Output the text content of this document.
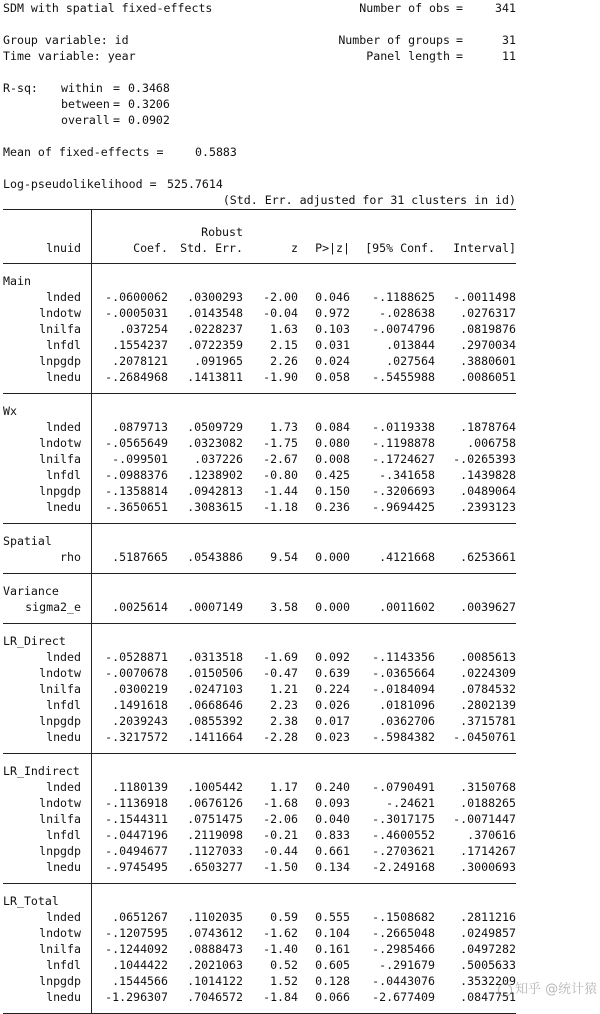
SDM with spatial fixed-effects	Number of obs =	341
Group variable: id	Number of groups =	31
Time variable: year	Panel length =	11
R-sq: within = 0.3468
between = 0.3206
overall = 0.0902
Mean of fixed-effects =	0.5883
Log-pseudolikelihood = 525.7614
(Std. Err. adjusted for 31 clusters in id)
Robust
lnuid	Coef. Std. Err.	z P>|z| [95% Conf. Interval]
Main
lnded -.0600062 .0300293 -2.00 0.046 -.1188625 -.0011498
lndotw -.0005031 .0143548 -0.04 0.972	-.028638 .0276317
lnilfa	.037254 .0228237 1.63 0.103 -.0074796 .0819876
lnfdl	.1554237 .0722359 2.15 0.031	.013844 .2970034
lnpgdp	.2078121 .091965 2.26 0.024	.027564 .3880601
lnedu -.2684968 .1413811 -1.90 0.058 -.5455988 .0086051
Wx
lnded	.0879713 .0509729 1.73 0.084 -.0119338 .1878764
lndotw -.0565649 .0323082 -1.75 0.080 -.1198878	.006758
lnilfa	-.099501 .037226 -2.67 0.008 -.1724627 -.0265393
lnfdl -.0988376 .1238902 -0.80 0.425	-.341658 .1439828
lnpgdp -.1358814 .0942813 -1.44 0.150 -.3206693 .0489064
lnedu -.3650651 .3083615 -1.18 0.236 -.9694425 .2393123
Spatial
rho	.5187665 .0543886 9.54 0.000	.4121668 .6253661
Variance
sigma2_e	.0025614 .0007149 3.58 0.000	.0011602 .0039627
LR_Direct
lnded -.0528871 .0313518 -1.69 0.092 -.1143356 .0085613
lndotw -.0070678 .0150506 -0.47 0.639 -.0365664 .0224309
lnilfa	.0300219 .0247103 1.21 0.224 -.0184094 .0784532
lnfdl	.1491618 .0668646 2.23 0.026	.0181096 .2802139
lnpgdp	.2039243 .0855392 2.38 0.017	.0362706 .3715781
lnedu -.3217572 .1411664 -2.28 0.023 -.5984382 -.0450761
LR_Indirect
lnded	.1180139 .1005442 1.17 0.240 -.0790491 .3150768
lndotw -.1136918 .0676126 -1.68 0.093	-.24621 .0188265
lnilfa -.1544311 .0751475 -2.06 0.040 -.3017175 -.0071447
lnfdl -.0447196 .2119098 -0.21 0.833 -.4600552	.370616
lnpgdp -.0494677 .1127033 -0.44 0.661 -.2703621 .1714267
lnedu -.9745495 .6503277 -1.50 0.134 -2.249168 .3000693
LR_Total
lnded	.0651267 .1102035 0.59 0.555 -.1508682 .2811216
lndotw -.1207595 .0743612 -1.62 0.104 -.2665048 .0249857
lnilfa -.1244092 .0888473 -1.40 0.161 -.2985466 .0497282
lnfdl	.1044422 .2021063 0.52 0.605	-.291679 .5005633
lnpgdp	.1544566 .1014122 1.52 0.128 -.0443076 .3532209
lnedu -1.296307 .7046572 -1.84 0.066 -2.677409 .0847751 知乎 @统计猿
